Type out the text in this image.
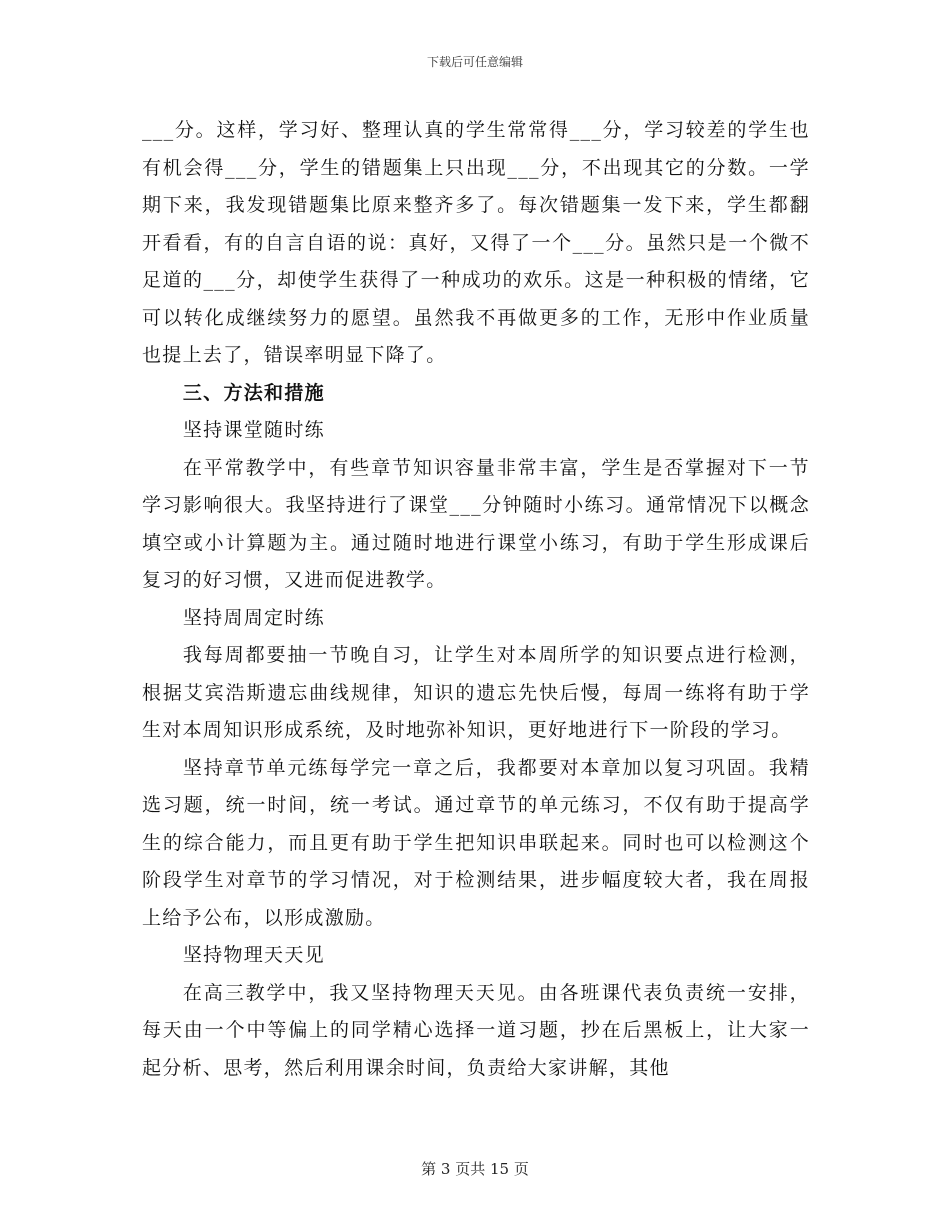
下载后可任意编辑

___分。这样，学习好、整理认真的学生常常得___分，学习较差的学生也有机会得___分，学生的错题集上只出现___分，不出现其它的分数。一学期下来，我发现错题集比原来整齐多了。每次错题集一发下来，学生都翻开看看，有的自言自语的说：真好，又得了一个___分。虽然只是一个微不足道的___分，却使学生获得了一种成功的欢乐。这是一种积极的情绪，它可以转化成继续努力的愿望。虽然我不再做更多的工作，无形中作业质量也提上去了，错误率明显下降了。

三、方法和措施

坚持课堂随时练

在平常教学中，有些章节知识容量非常丰富，学生是否掌握对下一节学习影响很大。我坚持进行了课堂___分钟随时小练习。通常情况下以概念填空或小计算题为主。通过随时地进行课堂小练习，有助于学生形成课后复习的好习惯，又进而促进教学。

坚持周周定时练

我每周都要抽一节晚自习，让学生对本周所学的知识要点进行检测，根据艾宾浩斯遗忘曲线规律，知识的遗忘先快后慢，每周一练将有助于学生对本周知识形成系统，及时地弥补知识，更好地进行下一阶段的学习。

坚持章节单元练每学完一章之后，我都要对本章加以复习巩固。我精选习题，统一时间，统一考试。通过章节的单元练习，不仅有助于提高学生的综合能力，而且更有助于学生把知识串联起来。同时也可以检测这个阶段学生对章节的学习情况，对于检测结果，进步幅度较大者，我在周报上给予公布，以形成激励。

坚持物理天天见

在高三教学中，我又坚持物理天天见。由各班课代表负责统一安排，每天由一个中等偏上的同学精心选择一道习题，抄在后黑板上，让大家一起分析、思考，然后利用课余时间，负责给大家讲解，其他

第 3 页共 15 页
